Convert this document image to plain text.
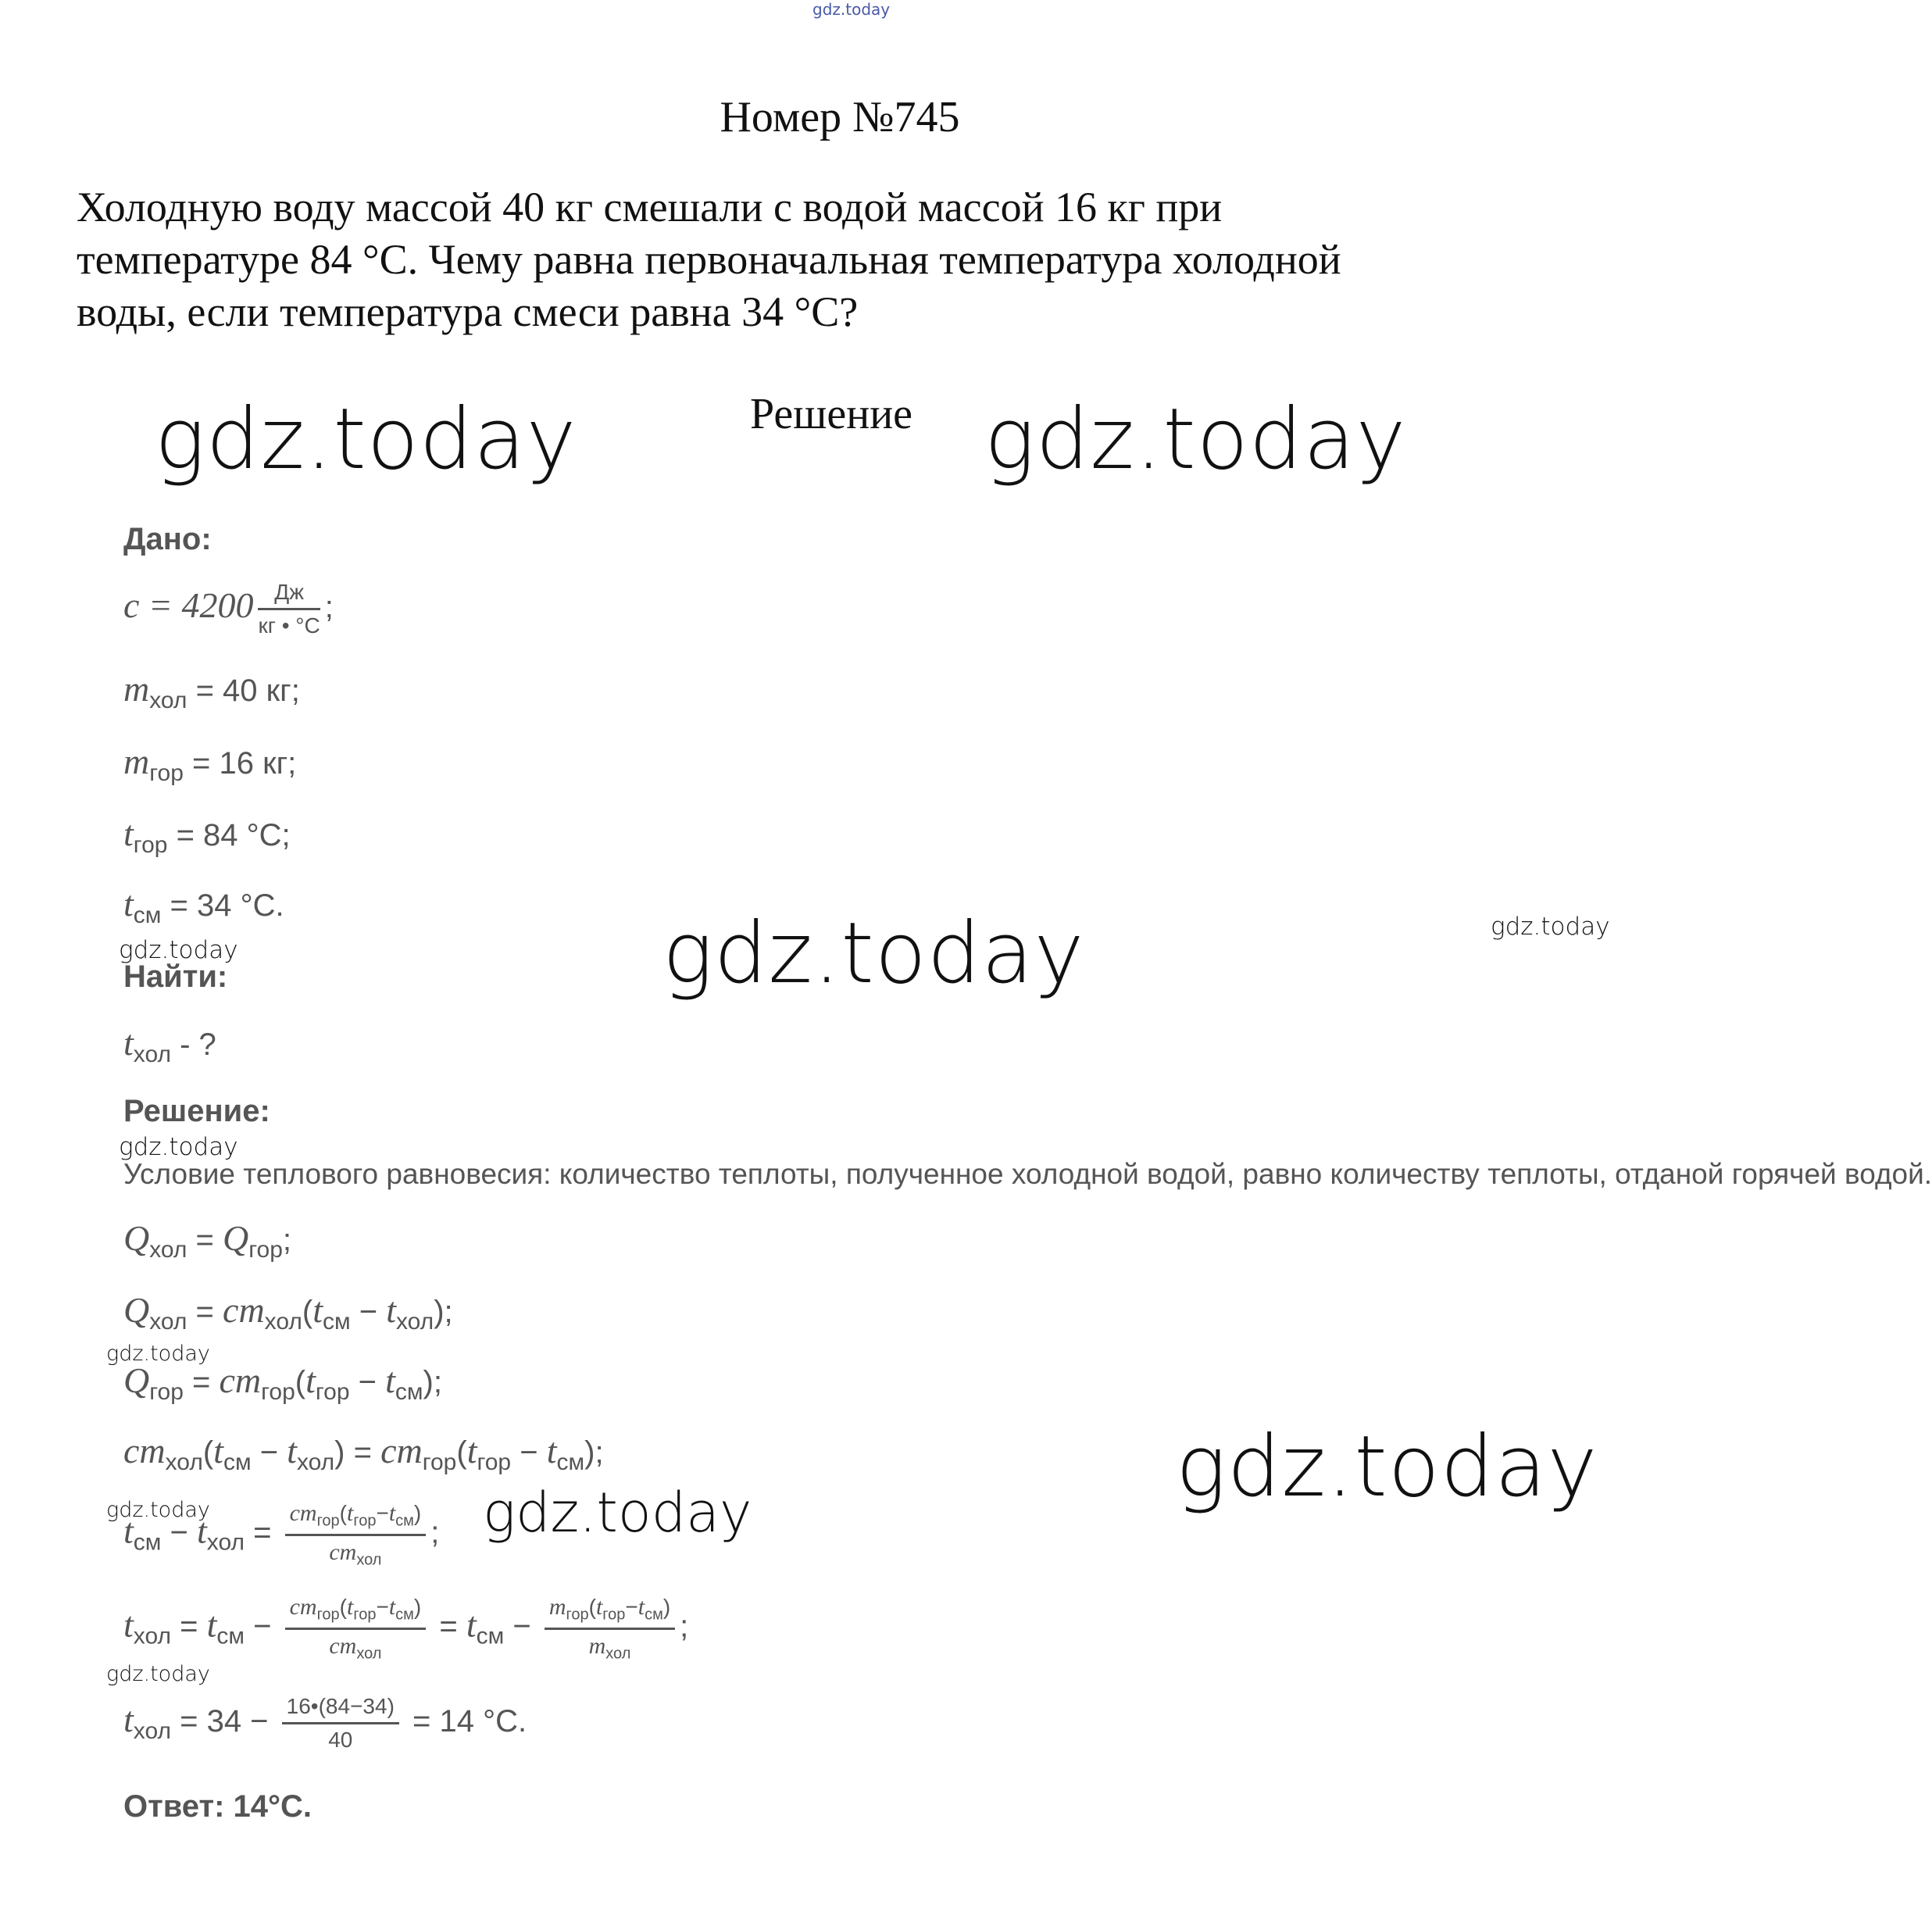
gdz.today
gdz.today	gdz.today
gdz.today
gdz.today
gdz.today
gdz.today
gdz.today
gdz.today
gdz.today
gdz.today
gdz.today
Номер №745
Холодную воду массой 40 кг смешали с водой массой 16 кг при
температуре 84 °С. Чему равна первоначальная температура холодной
воды, если температура смеси равна 34 °С?
Решение
Дано:
$c = 4200 \frac{Дж}{кг • ^\circ C}$ ;
$m_{хол} = 40$ кг;
$m_{гор} = 16$ кг;
$t_{гор} = 84$ °С;
$t_{см} = 34$ °С.
Найти:
$t_{хол}$ - ?
Решение:
Условие теплового равновесия: количество теплоты, полученное холодной водой, равно количеству теплоты, отданой горячей водой.
$Q_{хол} = Q_{гор}$;
$Q_{хол} = cm_{хол}(t_{см} - t_{хол})$;
$Q_{гор} = cm_{гор}(t_{гор} - t_{см})$;
$cm_{хол}(t_{см} - t_{хол}) = cm_{гор}(t_{гор} - t_{см})$;
$t_{см} - t_{хол} = \frac{cm_{гор}(t_{гор}-t_{см})}{cm_{хол}}$ ;
$t_{хол} = t_{см} - \frac{cm_{гор}(t_{гор}-t_{см})}{cm_{хол}} = t_{см} - \frac{m_{гор}(t_{гор}-t_{см})}{m_{хол}}$ ;
$t_{хол} = 34 - \frac{16•(84-34)}{40} = 14$ °С.
Ответ: 14°С.
